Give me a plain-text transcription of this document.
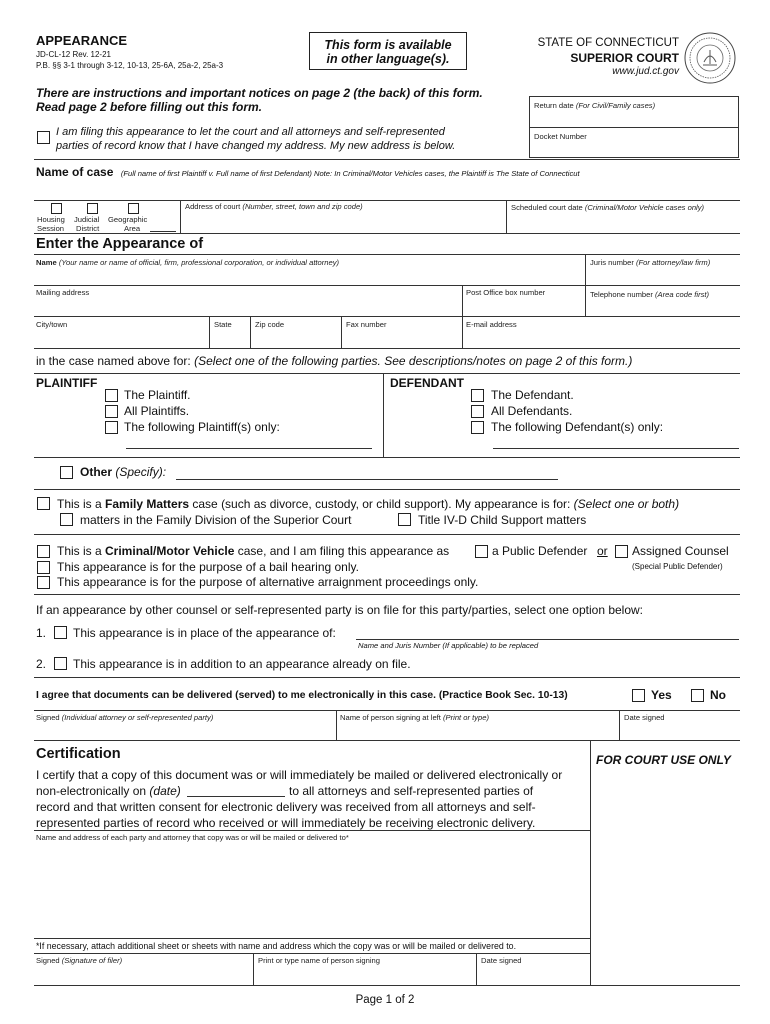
APPEARANCE
JD-CL-12 Rev. 12-21
P.B. §§ 3-1 through 3-12, 10-13, 25-6A, 25a-2, 25a-3
This form is available
in other language(s).
STATE OF CONNECTICUT
SUPERIOR COURT
www.jud.ct.gov
There are instructions and important notices on page 2 (the back) of this form.
Read page 2 before filling out this form.
I am filing this appearance to let the court and all attorneys and self-represented
parties of record know that I have changed my address. My new address is below.
Return date (For Civil/Family cases)
Docket Number
Name of case (Full name of first Plaintiff v. Full name of first Defendant) Note: In Criminal/Motor Vehicles cases, the Plaintiff is The State of Connecticut
Housing Judicial Geographic
Session District	Area
Address of court (Number, street, town and zip code)	Scheduled court date (Criminal/Motor Vehicle cases only)
Enter the Appearance of
Name (Your name or name of official, firm, professional corporation, or individual attorney)	Juris number (For attorney/law firm)
Mailing address	Post Office box number	Telephone number (Area code first)
City/town	State	Zip code	Fax number	E-mail address
in the case named above for: (Select one of the following parties. See descriptions/notes on page 2 of this form.)
PLAINTIFF
The Plaintiff.
All Plaintiffs.
The following Plaintiff(s) only:
DEFENDANT
The Defendant.
All Defendants.
The following Defendant(s) only:
Other (Specify):
This is a Family Matters case (such as divorce, custody, or child support). My appearance is for: (Select one or both)
matters in the Family Division of the Superior Court	Title IV-D Child Support matters
This is a Criminal/Motor Vehicle case, and I am filing this appearance as	a Public Defender or Assigned Counsel
(Special Public Defender)
This appearance is for the purpose of a bail hearing only.
This appearance is for the purpose of alternative arraignment proceedings only.
If an appearance by other counsel or self-represented party is on file for this party/parties, select one option below:
1. This appearance is in place of the appearance of:
Name and Juris Number (If applicable) to be replaced
2. This appearance is in addition to an appearance already on file.
I agree that documents can be delivered (served) to me electronically in this case. (Practice Book Sec. 10-13)	Yes	No
Signed (Individual attorney or self-represented party)	Name of person signing at left (Print or type)	Date signed
Certification
I certify that a copy of this document was or will immediately be mailed or delivered electronically or
non-electronically on (date)	to all attorneys and self-represented parties of
record and that written consent for electronic delivery was received from all attorneys and self-
represented parties of record who received or will immediately be receiving electronic delivery.
Name and address of each party and attorney that copy was or will be mailed or delivered to*
FOR COURT USE ONLY
*If necessary, attach additional sheet or sheets with name and address which the copy was or will be mailed or delivered to.
Signed (Signature of filer)	Print or type name of person signing	Date signed
Page 1 of 2
